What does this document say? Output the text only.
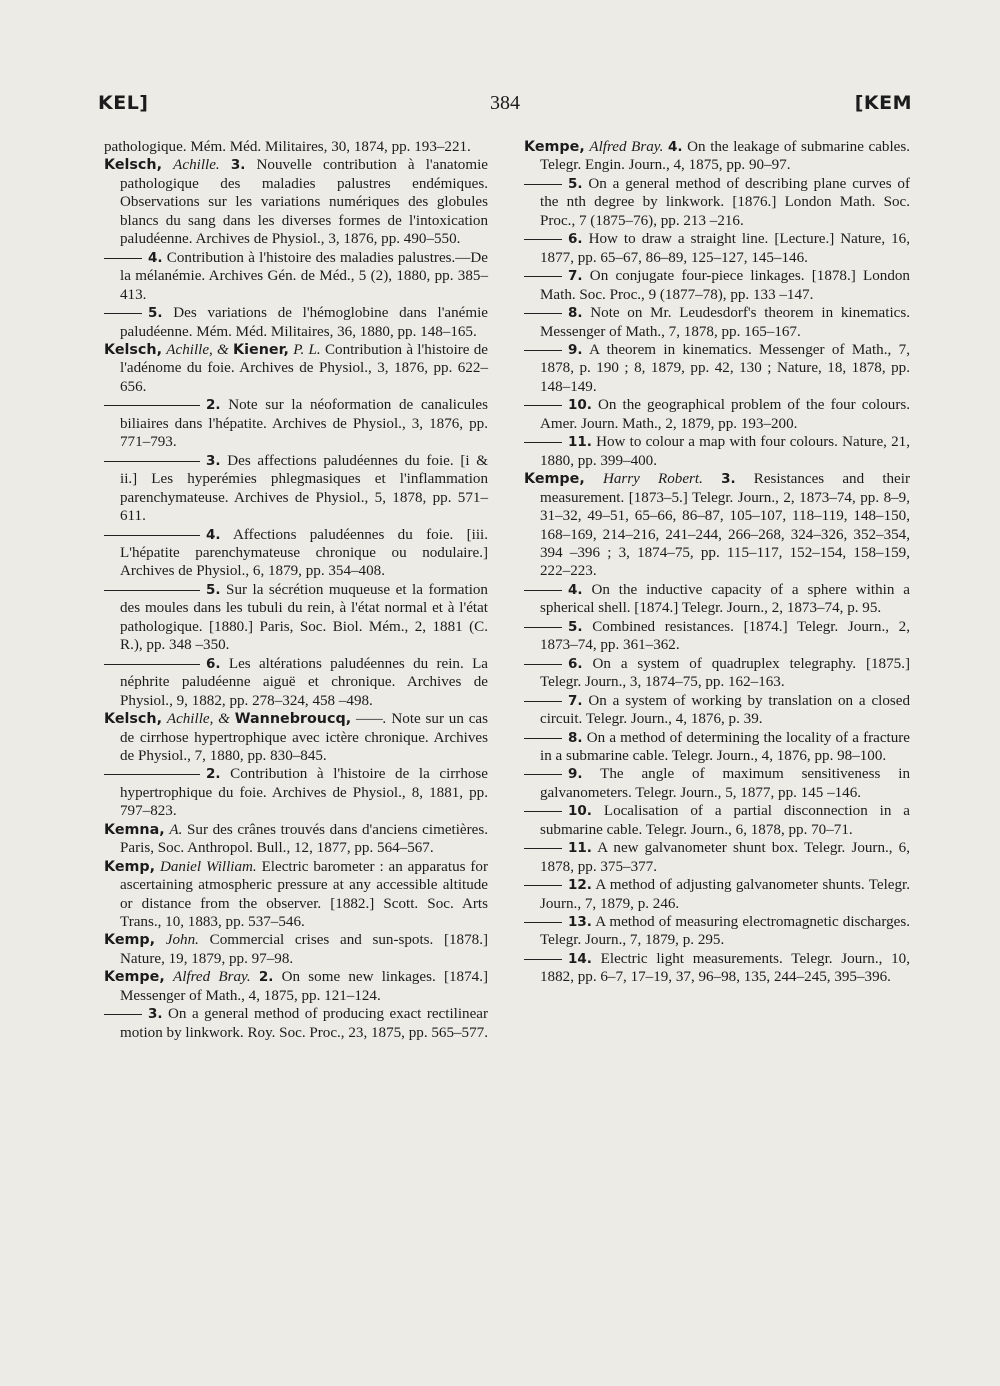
KEL]	384	[KEM

pathologique. Mém. Méd. Militaires, 30, 1874, pp. 193–221.

Kelsch, Achille. 3. Nouvelle contribution à l'anatomie pathologique des maladies palustres endémiques. Observations sur les variations numériques des globules blancs du sang dans les diverses formes de l'intoxication paludéenne. Archives de Physiol., 3, 1876, pp. 490–550.

4. Contribution à l'histoire des maladies palustres.—De la mélanémie. Archives Gén. de Méd., 5 (2), 1880, pp. 385–413.

5. Des variations de l'hémoglobine dans l'anémie paludéenne. Mém. Méd. Militaires, 36, 1880, pp. 148–165.

Kelsch, Achille, & Kiener, P. L. Contribution à l'histoire de l'adénome du foie. Archives de Physiol., 3, 1876, pp. 622–656.

2. Note sur la néoformation de canalicules biliaires dans l'hépatite. Archives de Physiol., 3, 1876, pp. 771–793.

3. Des affections paludéennes du foie. [i & ii.] Les hyperémies phlegmasiques et l'inflammation parenchymateuse. Archives de Physiol., 5, 1878, pp. 571–611.

4. Affections paludéennes du foie. [iii. L'hépatite parenchymateuse chronique ou nodulaire.] Archives de Physiol., 6, 1879, pp. 354–408.

5. Sur la sécrétion muqueuse et la formation des moules dans les tubuli du rein, à l'état normal et à l'état pathologique. [1880.] Paris, Soc. Biol. Mém., 2, 1881 (C. R.), pp. 348 –350.

6. Les altérations paludéennes du rein. La néphrite paludéenne aiguë et chronique. Archives de Physiol., 9, 1882, pp. 278–324, 458 –498.

Kelsch, Achille, & Wannebroucq, ——. Note sur un cas de cirrhose hypertrophique avec ictère chronique. Archives de Physiol., 7, 1880, pp. 830–845.

2. Contribution à l'histoire de la cirrhose hypertrophique du foie. Archives de Physiol., 8, 1881, pp. 797–823.

Kemna, A. Sur des crânes trouvés dans d'anciens cimetières. Paris, Soc. Anthropol. Bull., 12, 1877, pp. 564–567.

Kemp, Daniel William. Electric barometer : an apparatus for ascertaining atmospheric pressure at any accessible altitude or distance from the observer. [1882.] Scott. Soc. Arts Trans., 10, 1883, pp. 537–546.

Kemp, John. Commercial crises and sun-spots. [1878.] Nature, 19, 1879, pp. 97–98.

Kempe, Alfred Bray. 2. On some new linkages. [1874.] Messenger of Math., 4, 1875, pp. 121–124.

3. On a general method of producing exact rectilinear motion by linkwork. Roy. Soc. Proc., 23, 1875, pp. 565–577.

Kempe, Alfred Bray. 4. On the leakage of submarine cables. Telegr. Engin. Journ., 4, 1875, pp. 90–97.

5. On a general method of describing plane curves of the nth degree by linkwork. [1876.] London Math. Soc. Proc., 7 (1875–76), pp. 213 –216.

6. How to draw a straight line. [Lecture.] Nature, 16, 1877, pp. 65–67, 86–89, 125–127, 145–146.

7. On conjugate four-piece linkages. [1878.] London Math. Soc. Proc., 9 (1877–78), pp. 133 –147.

8. Note on Mr. Leudesdorf's theorem in kinematics. Messenger of Math., 7, 1878, pp. 165–167.

9. A theorem in kinematics. Messenger of Math., 7, 1878, p. 190 ; 8, 1879, pp. 42, 130 ; Nature, 18, 1878, pp. 148–149.

10. On the geographical problem of the four colours. Amer. Journ. Math., 2, 1879, pp. 193–200.

11. How to colour a map with four colours. Nature, 21, 1880, pp. 399–400.

Kempe, Harry Robert. 3. Resistances and their measurement. [1873–5.] Telegr. Journ., 2, 1873–74, pp. 8–9, 31–32, 49–51, 65–66, 86–87, 105–107, 118–119, 148–150, 168–169, 214–216, 241–244, 266–268, 324–326, 352–354, 394 –396 ; 3, 1874–75, pp. 115–117, 152–154, 158–159, 222–223.

4. On the inductive capacity of a sphere within a spherical shell. [1874.] Telegr. Journ., 2, 1873–74, p. 95.

5. Combined resistances. [1874.] Telegr. Journ., 2, 1873–74, pp. 361–362.

6. On a system of quadruplex telegraphy. [1875.] Telegr. Journ., 3, 1874–75, pp. 162–163.

7. On a system of working by translation on a closed circuit. Telegr. Journ., 4, 1876, p. 39.

8. On a method of determining the locality of a fracture in a submarine cable. Telegr. Journ., 4, 1876, pp. 98–100.

9. The angle of maximum sensitiveness in galvanometers. Telegr. Journ., 5, 1877, pp. 145 –146.

10. Localisation of a partial disconnection in a submarine cable. Telegr. Journ., 6, 1878, pp. 70–71.

11. A new galvanometer shunt box. Telegr. Journ., 6, 1878, pp. 375–377.

12. A method of adjusting galvanometer shunts. Telegr. Journ., 7, 1879, p. 246.

13. A method of measuring electromagnetic discharges. Telegr. Journ., 7, 1879, p. 295.

14. Electric light measurements. Telegr. Journ., 10, 1882, pp. 6–7, 17–19, 37, 96–98, 135, 244–245, 395–396.
